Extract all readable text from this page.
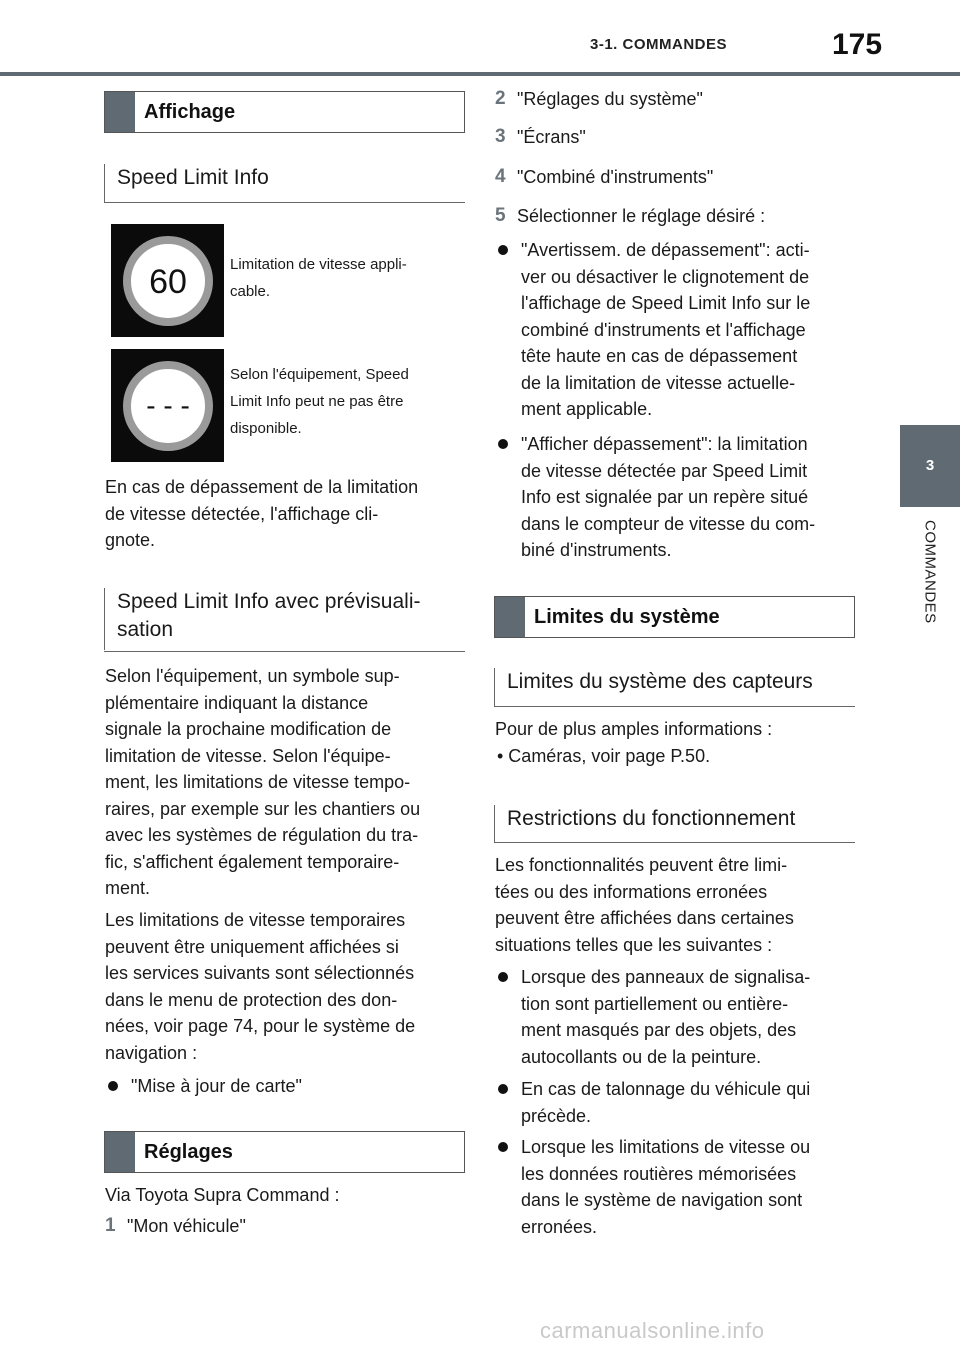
3-1. COMMANDES	175
3
COMMANDES
Affichage
Speed Limit Info
60	Limitation de vitesse appli-
cable.
- - -
Selon l'équipement, Speed
Limit Info peut ne pas être
disponible.
En cas de dépassement de la limitation
de vitesse détectée, l'affichage cli-
gnote.
Speed Limit Info avec prévisuali-
sation
Selon l'équipement, un symbole sup-
plémentaire indiquant la distance
signale la prochaine modification de
limitation de vitesse. Selon l'équipe-
ment, les limitations de vitesse tempo-
raires, par exemple sur les chantiers ou
avec les systèmes de régulation du tra-
fic, s'affichent également temporaire-
ment.
Les limitations de vitesse temporaires
peuvent être uniquement affichées si
les services suivants sont sélectionnés
dans le menu de protection des don-
nées, voir page 74, pour le système de
navigation :
"Mise à jour de carte"
Réglages
Via Toyota Supra Command :
1 "Mon véhicule"
2 "Réglages du système"
3 "Écrans"
4 "Combiné d'instruments"
5 Sélectionner le réglage désiré :
"Avertissem. de dépassement": acti-
ver ou désactiver le clignotement de
l'affichage de Speed Limit Info sur le
combiné d'instruments et l'affichage
tête haute en cas de dépassement
de la limitation de vitesse actuelle-
ment applicable.
"Afficher dépassement": la limitation
de vitesse détectée par Speed Limit
Info est signalée par un repère situé
dans le compteur de vitesse du com-
biné d'instruments.
Limites du système
Limites du système des capteurs
Pour de plus amples informations :
• Caméras, voir page P.50.
Restrictions du fonctionnement
Les fonctionnalités peuvent être limi-
tées ou des informations erronées
peuvent être affichées dans certaines
situations telles que les suivantes :
Lorsque des panneaux de signalisa-
tion sont partiellement ou entière-
ment masqués par des objets, des
autocollants ou de la peinture.
En cas de talonnage du véhicule qui
précède.
Lorsque les limitations de vitesse ou
les données routières mémorisées
dans le système de navigation sont
erronées.
carmanualsonline.info
